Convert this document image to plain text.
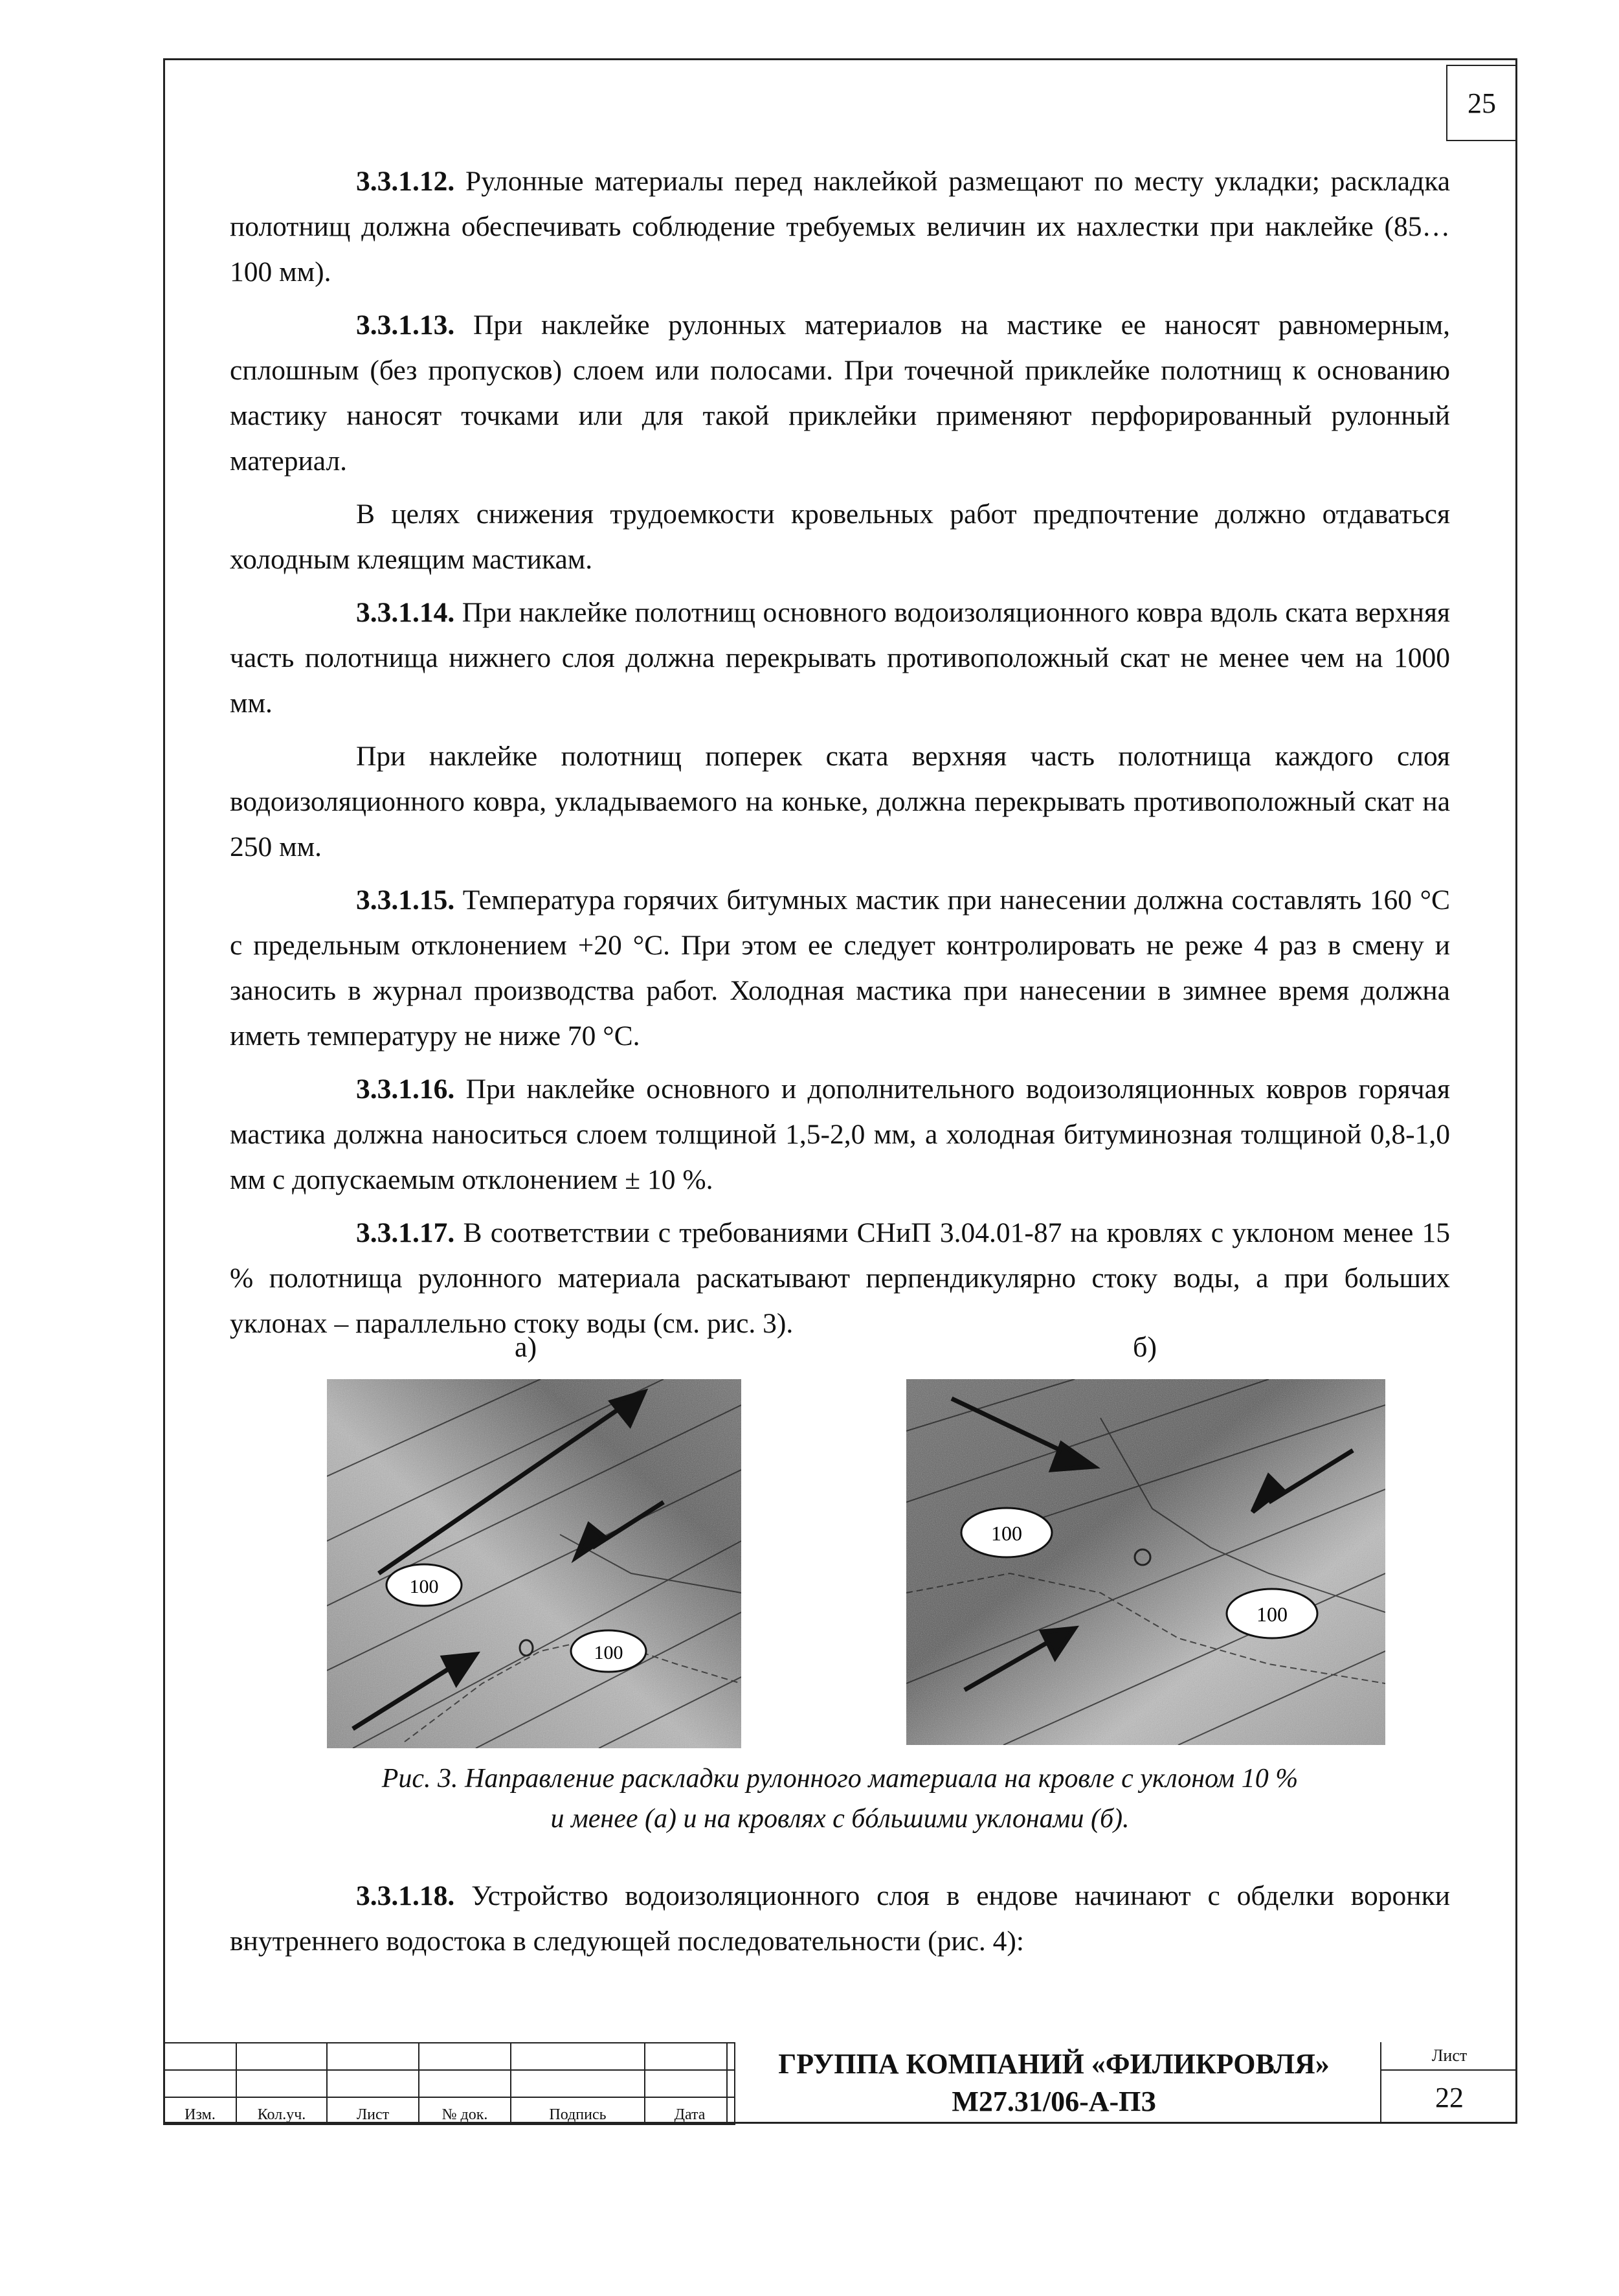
25

3.3.1.12. Рулонные материалы перед наклейкой размещают по месту укладки; раскладка полотнищ должна обеспечивать соблюдение требуемых величин их нахлестки при наклейке (85…100 мм).

3.3.1.13. При наклейке рулонных материалов на мастике ее наносят равномерным, сплошным (без пропусков) слоем или полосами. При точечной приклейке полотнищ к основанию мастику наносят точками или для такой приклейки применяют перфорированный рулонный материал.

В целях снижения трудоемкости кровельных работ предпочтение должно отдаваться холодным клеящим мастикам.

3.3.1.14. При наклейке полотнищ основного водоизоляционного ковра вдоль ската верхняя часть полотнища нижнего слоя должна перекрывать противоположный скат не менее чем на 1000 мм.

При наклейке полотнищ поперек ската верхняя часть полотнища каждого слоя водоизоляционного ковра, укладываемого на коньке, должна перекрывать противоположный скат на 250 мм.

3.3.1.15. Температура горячих битумных мастик при нанесении должна составлять 160 °С с предельным отклонением +20 °С. При этом ее следует контролировать не реже 4 раз в смену и заносить в журнал производства работ. Холодная мастика при нанесении в зимнее время должна иметь температуру не ниже 70 °С.

3.3.1.16. При наклейке основного и дополнительного водоизоляционных ковров горячая мастика должна наноситься слоем толщиной 1,5-2,0 мм, а холодная битуминозная толщиной 0,8-1,0 мм с допускаемым отклонением ± 10 %.

3.3.1.17. В соответствии с требованиями СНиП 3.04.01-87 на кровлях с уклоном менее 15 % полотнища рулонного материала раскатывают перпендикулярно стоку воды, а при больших уклонах – параллельно стоку воды (см. рис. 3).

а)	б)
100
100
100
100
Рис. 3. Направление раскладки рулонного материала на кровле с уклоном 10 %
и менее (а) и на кровлях с бóльшими уклонами (б).

3.3.1.18. Устройство водоизоляционного слоя в ендове начинают с обделки воронки внутреннего водостока в следующей последовательности (рис. 4):

Изм.	Кол.уч.	Лист	№ док.	Подпись	Дата
ГРУППА КОМПАНИЙ «ФИЛИКРОВЛЯ»
М27.31/06-А-ПЗ
Лист
22
